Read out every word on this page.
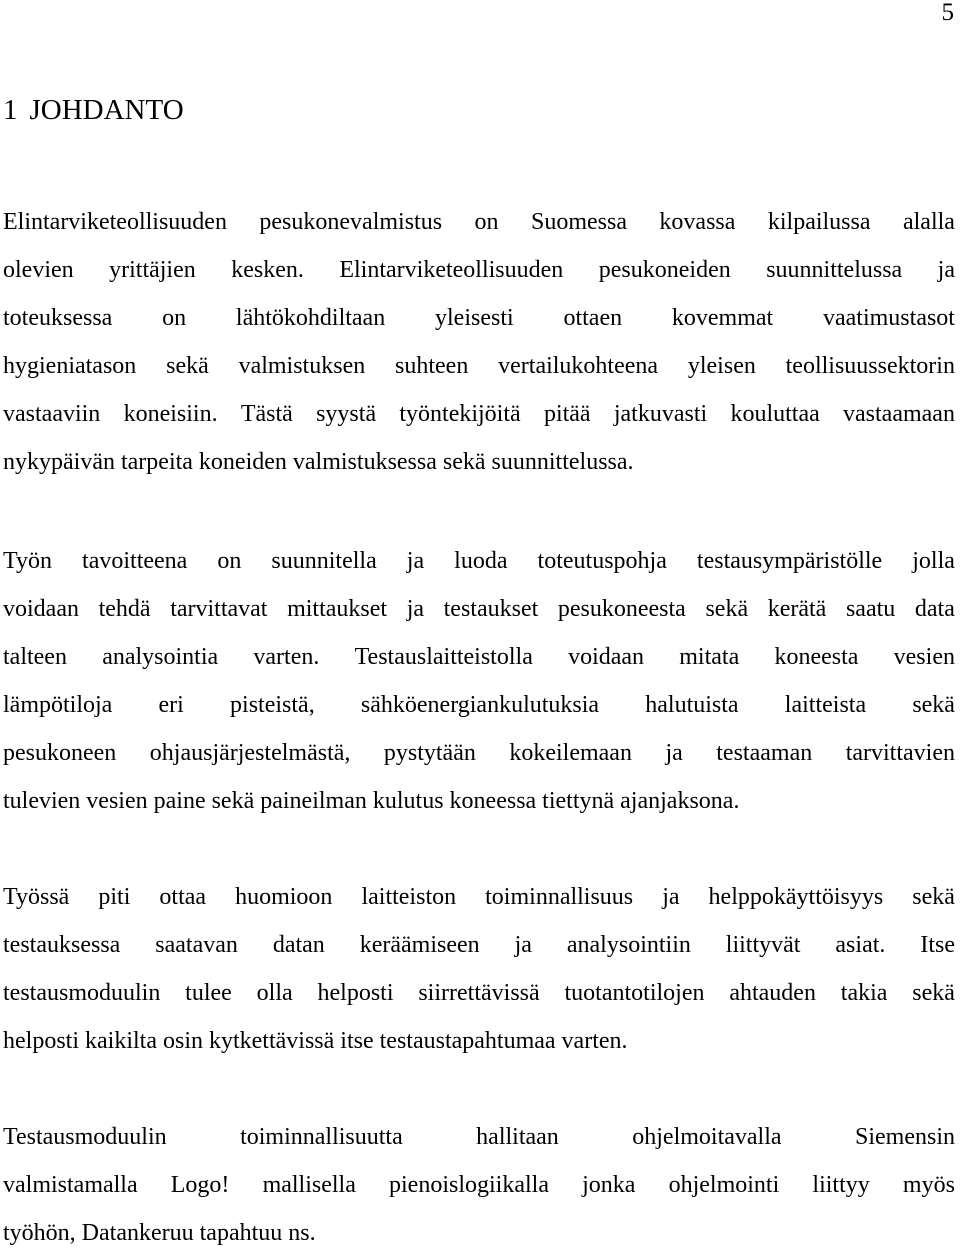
5
1 JOHDANTO
Elintarviketeollisuuden pesukonevalmistus on Suomessa kovassa kilpailussa alalla
olevien yrittäjien kesken. Elintarviketeollisuuden pesukoneiden suunnittelussa ja
toteuksessa on lähtökohdiltaan yleisesti ottaen kovemmat vaatimustasot
hygieniatason sekä valmistuksen suhteen vertailukohteena yleisen teollisuussektorin
vastaaviin koneisiin. Tästä syystä työntekijöitä pitää jatkuvasti kouluttaa vastaamaan
nykypäivän tarpeita koneiden valmistuksessa sekä suunnittelussa.
Työn tavoitteena on suunnitella ja luoda toteutuspohja testausympäristölle jolla
voidaan tehdä tarvittavat mittaukset ja testaukset pesukoneesta sekä kerätä saatu data
talteen analysointia varten. Testauslaitteistolla voidaan mitata koneesta vesien
lämpötiloja eri pisteistä, sähköenergiankulutuksia halutuista laitteista sekä
pesukoneen ohjausjärjestelmästä, pystytään kokeilemaan ja testaaman tarvittavien
tulevien vesien paine sekä paineilman kulutus koneessa tiettynä ajanjaksona.
Työssä piti ottaa huomioon laitteiston toiminnallisuus ja helppokäyttöisyys sekä
testauksessa saatavan datan keräämiseen ja analysointiin liittyvät asiat. Itse
testausmoduulin tulee olla helposti siirrettävissä tuotantotilojen ahtauden takia sekä
helposti kaikilta osin kytkettävissä itse testaustapahtumaa varten.
Testausmoduulin	toiminnallisuutta	hallitaan	ohjelmoitavalla	Siemensin
valmistamalla Logo! mallisella pienoislogiikalla jonka ohjelmointi liittyy myös
työhön, Datankeruu tapahtuu ns.
